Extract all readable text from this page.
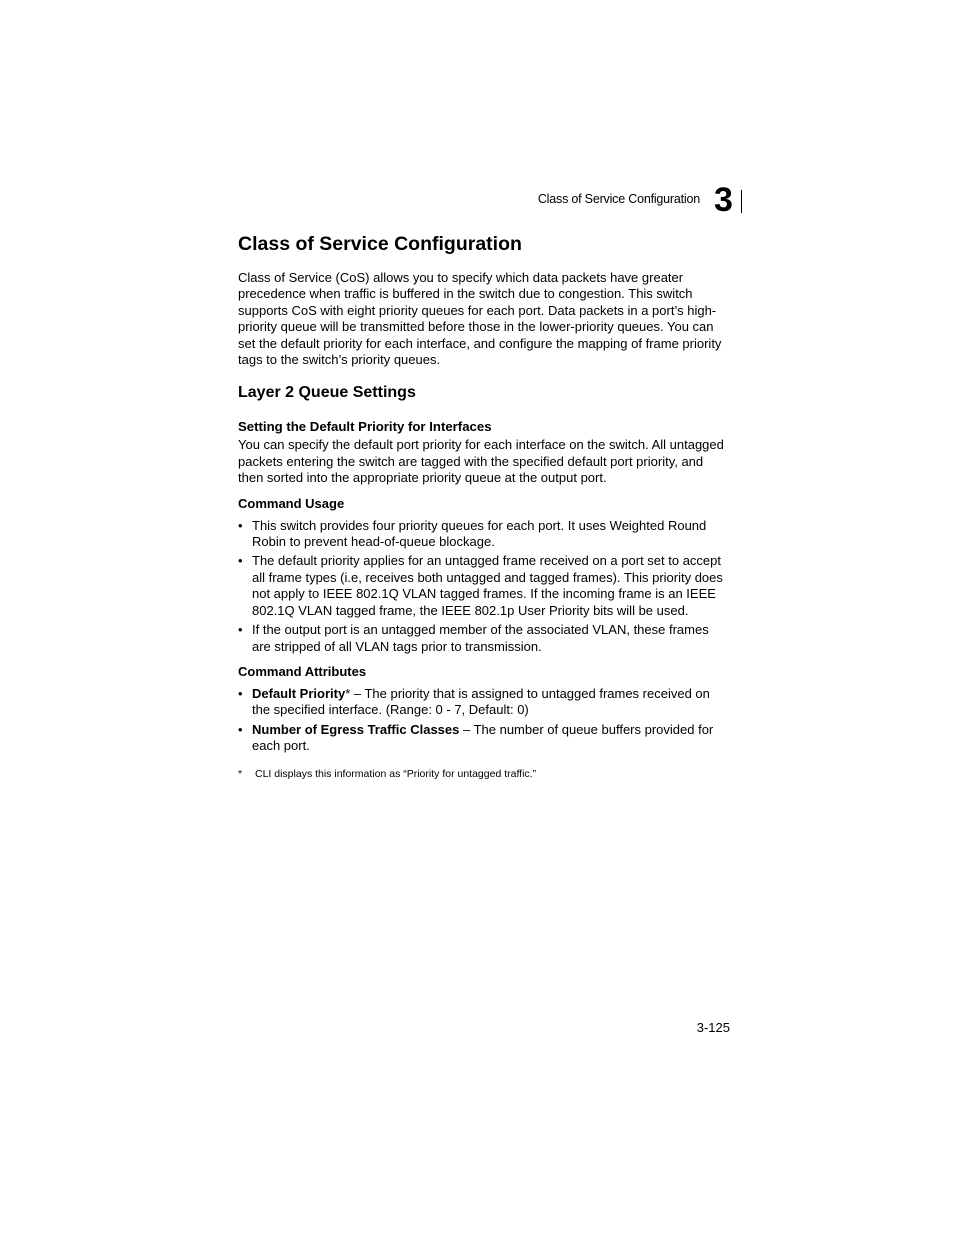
Class of Service Configuration 3
Class of Service Configuration

Class of Service (CoS) allows you to specify which data packets have greater precedence when traffic is buffered in the switch due to congestion. This switch supports CoS with eight priority queues for each port. Data packets in a port’s high-priority queue will be transmitted before those in the lower-priority queues. You can set the default priority for each interface, and configure the mapping of frame priority tags to the switch’s priority queues.

Layer 2 Queue Settings
Setting the Default Priority for Interfaces

You can specify the default port priority for each interface on the switch. All untagged packets entering the switch are tagged with the specified default port priority, and then sorted into the appropriate priority queue at the output port.

Command Usage
• This switch provides four priority queues for each port. It uses Weighted Round Robin to prevent head-of-queue blockage.
• The default priority applies for an untagged frame received on a port set to accept all frame types (i.e, receives both untagged and tagged frames). This priority does not apply to IEEE 802.1Q VLAN tagged frames. If the incoming frame is an IEEE 802.1Q VLAN tagged frame, the IEEE 802.1p User Priority bits will be used.
• If the output port is an untagged member of the associated VLAN, these frames are stripped of all VLAN tags prior to transmission.
Command Attributes
• Default Priority* – The priority that is assigned to untagged frames received on the specified interface. (Range: 0 - 7, Default: 0)
• Number of Egress Traffic Classes – The number of queue buffers provided for each port.
* CLI displays this information as “Priority for untagged traffic.”
3-125
